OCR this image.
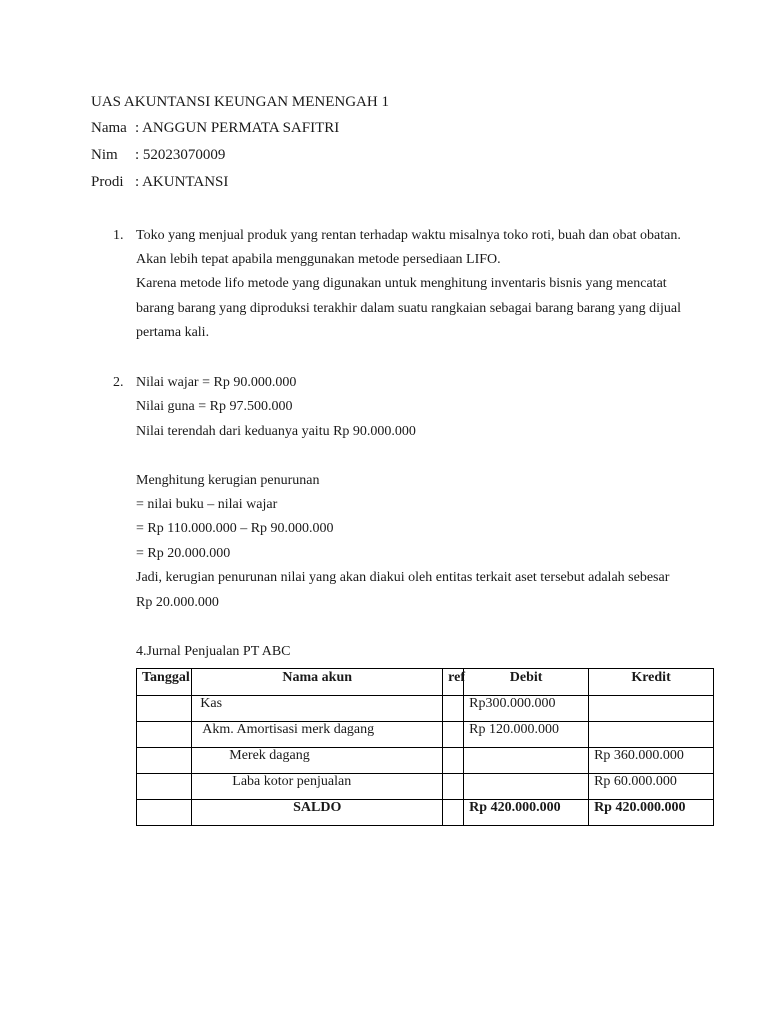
UAS AKUNTANSI KEUNGAN MENENGAH 1
Nama : ANGGUN PERMATA SAFITRI
Nim : 52023070009
Prodi : AKUNTANSI
1. Toko yang menjual produk yang rentan terhadap waktu misalnya toko roti, buah dan obat obatan.
Akan lebih tepat apabila menggunakan metode persediaan LIFO.
Karena metode lifo metode yang digunakan untuk menghitung inventaris bisnis yang mencatat
barang barang yang diproduksi terakhir dalam suatu rangkaian sebagai barang barang yang dijual
pertama kali.
2. Nilai wajar = Rp 90.000.000
Nilai guna = Rp 97.500.000
Nilai terendah dari keduanya yaitu Rp 90.000.000
Menghitung kerugian penurunan
= nilai buku – nilai wajar
= Rp 110.000.000 – Rp 90.000.000
= Rp 20.000.000
Jadi, kerugian penurunan nilai yang akan diakui oleh entitas terkait aset tersebut adalah sebesar
Rp 20.000.000
4.Jurnal Penjualan PT ABC
Tanggal	Nama akun	ref	Debit	Kredit
	Kas		Rp300.000.000	
	Akm. Amortisasi merk dagang		Rp 120.000.000	
	Merek dagang			Rp 360.000.000
	Laba kotor penjualan			Rp 60.000.000
	SALDO		Rp 420.000.000	Rp 420.000.000
